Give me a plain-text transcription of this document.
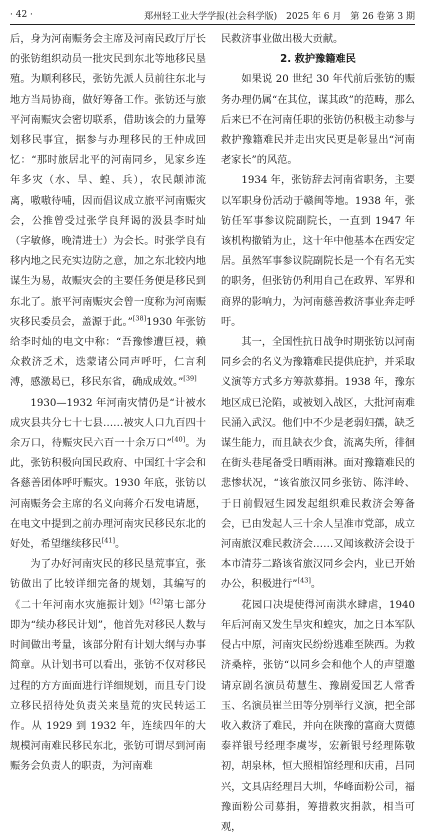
· 42 ·	郑州轻工业大学学报(社会科学版)　2025 年 6 月　第 26 卷第 3 期

后，身为河南赈务会主席及河南民政厅厅长的张钫组织动员一批灾民到东北等地移民垦殖。为顺利移民，张钫先派人员前往东北与地方当局协商，做好筹备工作。张钫还与旅平河南赈灾会密切联系，借助该会的力量筹划移民事宜，据参与办理移民的王仲成回忆：“那时旅居北平的河南同乡，见家乡连年多灾（水、旱、蝗、兵），农民颠沛流离，嗷嗷待哺，因而倡议成立旅平河南赈灾会，公推曾受过张学良拜谒的汲县李时灿（字敏修，晚清进士）为会长。时张学良有移内地之民充实边防之意，加之东北较内地谋生为易，故赈灾会的主要任务便是移民到东北了。旅平河南赈灾会曾一度称为河南赈灾移民委员会，盖源于此。”[38]1930 年张钫给李时灿的电文中称：“吾豫惨遭巨祲，赖众救济乏术，迭蒙诸公同声呼吁，仁言利溥，感激曷已，移民东省，确成成效。”[39]

1930—1932 年河南灾情仍是“计被水成灾县共分七十七县……被灾人口九百四十余万口，待赈灾民六百一十余万口”[40]。为此，张钫积极向国民政府、中国红十字会和各慈善团体呼吁赈灾。1930 年底，张钫以河南赈务会主席的名义向蒋介石发电请愿，在电文中提到之前办理河南灾民移民东北的好处，希望继续移民[41]。

为了办好河南灾民的移民垦荒事宜，张钫做出了比较详细完备的规划，其编写的《二十年河南水灾施振计划》[42]第七部分即为“续办移民计划”，他首先对移民人数与时间做出考量，该部分附有计划大纲与办事简章。从计划书可以看出，张钫不仅对移民过程的方方面面进行详细规划，而且专门设立移民招待处负责关来垦荒的灾民转运工作。从 1929 到 1932 年，连续四年的大规模河南难民移民东北，张钫可谓尽到河南赈务会负责人的职责，为河南难

民救济事业做出极大贡献。

2. 救护豫籍难民

如果说 20 世纪 30 年代前后张钫的赈务办理仍属“在其位，谋其政”的范畴，那么后来已不在河南任职的张钫仍积极主动参与救护豫籍难民并走出灾民更是彰显出“河南老家长”的风范。

1934 年，张钫辞去河南省职务，主要以军职身份活动于赣闽等地。1938 年，张钫任军事参议院副院长，一直到 1947 年该机构撤销为止，这十年中他基本在西安定居。虽然军事参议院副院长是一个有名无实的职务，但张钫仍利用自己在政界、军界和商界的影响力，为河南慈善救济事业奔走呼吁。

其一，全国性抗日战争时期张钫以河南同乡会的名义为豫籍难民提供庇护，并采取义演等方式多方筹款募捐。1938 年，豫东地区成已沦陷，或被划入战区，大批河南难民涌入武汉。他们中不少是老弱妇孺，缺乏谋生能力，而且缺衣少食，流离失所，徘徊在街头巷尾备受日晒雨淋。面对豫籍难民的悲惨状况，“该省旅汉同乡张钫、陈泮岭、于日前假冠生园发起组织难民救济会筹备会，已由发起人三十余人呈准市党部，成立河南旅汉难民救济会……又闻该救济会设于本市清芬二路该省旅汉同乡会内，业已开始办公，积极进行”[43]。

花园口决堤使得河南洪水肆虐，1940 年后河南又发生旱灾和蝗灾，加之日本军队侵占中原，河南灾民纷纷逃难至陕西。为救济桑梓，张钫“以同乡会和他个人的声望邀请京剧名演员荀慧生、豫剧爱国艺人常香玉、名演员崔兰田等分别举行义演，把全部收入救济了难民，并向在陕豫的富商大贾德泰祥银号经理李虞岑，宏新银号经理陈敬初，胡泉林，恒大照相馆经理和庆甫，吕同兴，文具店经理吕大圳，华峰面粉公司，福豫面粉公司募捐，筹措救灾捐款，相当可观，
